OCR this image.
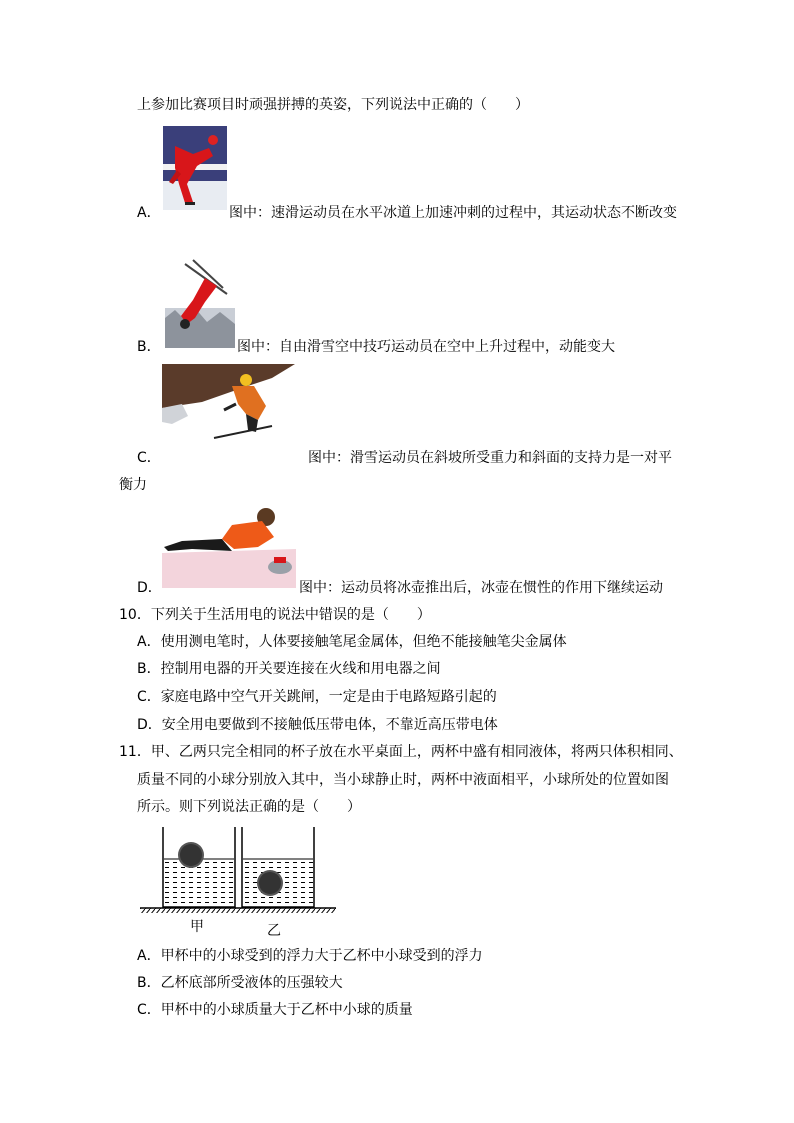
上参加比赛项目时顽强拼搏的英姿，下列说法中正确的（　　）
A．	图中：速滑运动员在水平冰道上加速冲刺的过程中，其运动状态不断改变
B．	图中：自由滑雪空中技巧运动员在空中上升过程中，动能变大
C．	图中：滑雪运动员在斜坡所受重力和斜面的支持力是一对平
衡力
D．	图中：运动员将冰壶推出后，冰壶在惯性的作用下继续运动
10．下列关于生活用电的说法中错误的是（　　）
A．使用测电笔时，人体要接触笔尾金属体，但绝不能接触笔尖金属体
B．控制用电器的开关要连接在火线和用电器之间
C．家庭电路中空气开关跳闸，一定是由于电路短路引起的
D．安全用电要做到不接触低压带电体，不靠近高压带电体
11．甲、乙两只完全相同的杯子放在水平桌面上，两杯中盛有相同液体，将两只体积相同、
质量不同的小球分别放入其中，当小球静止时，两杯中液面相平，小球所处的位置如图
所示。则下列说法正确的是（　　）
甲	乙
A．甲杯中的小球受到的浮力大于乙杯中小球受到的浮力
B．乙杯底部所受液体的压强较大
C．甲杯中的小球质量大于乙杯中小球的质量
